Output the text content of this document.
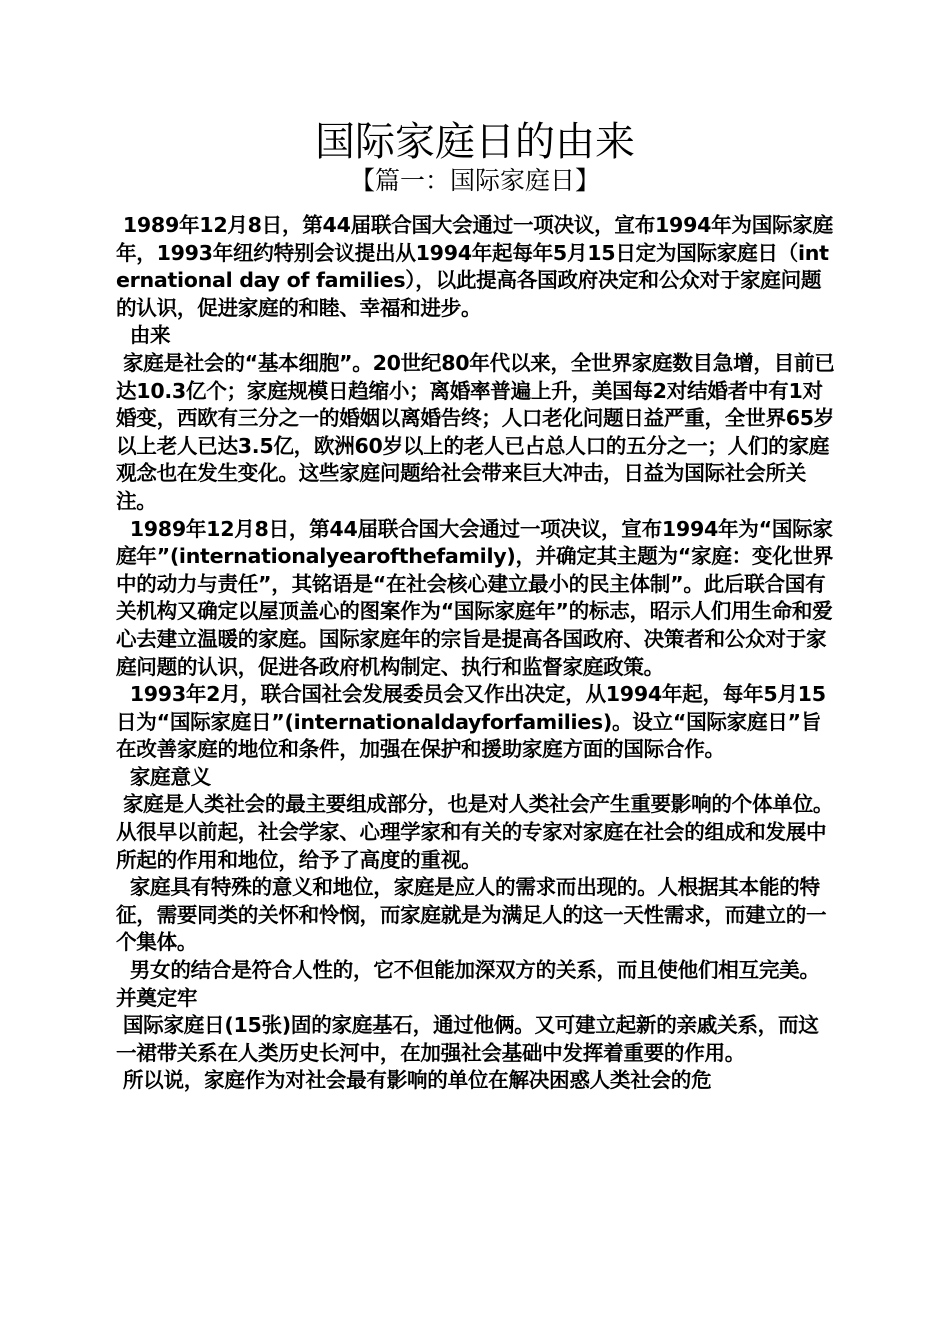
国际家庭日的由来
【篇一：国际家庭日】

1989年12月8日，第44届联合国大会通过一项决议，宣布1994年为国际家庭年，1993年纽约特别会议提出从1994年起每年5月15日定为国际家庭日（international day of families），以此提高各国政府决定和公众对于家庭问题的认识，促进家庭的和睦、幸福和进步。

由来

家庭是社会的“基本细胞”。20世纪80年代以来，全世界家庭数目急增，目前已达10.3亿个；家庭规模日趋缩小；离婚率普遍上升，美国每2对结婚者中有1对婚变，西欧有三分之一的婚姻以离婚告终；人口老化问题日益严重，全世界65岁以上老人已达3.5亿，欧洲60岁以上的老人已占总人口的五分之一；人们的家庭观念也在发生变化。这些家庭问题给社会带来巨大冲击，日益为国际社会所关注。

1989年12月8日，第44届联合国大会通过一项决议，宣布1994年为“国际家庭年”(internationalyearofthefamily)，并确定其主题为“家庭：变化世界中的动力与责任”，其铭语是“在社会核心建立最小的民主体制”。此后联合国有关机构又确定以屋顶盖心的图案作为“国际家庭年”的标志，昭示人们用生命和爱心去建立温暖的家庭。国际家庭年的宗旨是提高各国政府、决策者和公众对于家庭问题的认识，促进各政府机构制定、执行和监督家庭政策。

1993年2月，联合国社会发展委员会又作出决定，从1994年起，每年5月15日为“国际家庭日”(internationaldayforfamilies)。设立“国际家庭日”旨在改善家庭的地位和条件，加强在保护和援助家庭方面的国际合作。

家庭意义

家庭是人类社会的最主要组成部分，也是对人类社会产生重要影响的个体单位。从很早以前起，社会学家、心理学家和有关的专家对家庭在社会的组成和发展中所起的作用和地位，给予了高度的重视。

家庭具有特殊的意义和地位，家庭是应人的需求而出现的。人根据其本能的特征，需要同类的关怀和怜悯，而家庭就是为满足人的这一天性需求，而建立的一个集体。

男女的结合是符合人性的，它不但能加深双方的关系，而且使他们相互完美。并奠定牢

国际家庭日(15张)固的家庭基石，通过他俩。又可建立起新的亲戚关系，而这一裙带关系在人类历史长河中，在加强社会基础中发挥着重要的作用。

所以说，家庭作为对社会最有影响的单位在解决困惑人类社会的危
